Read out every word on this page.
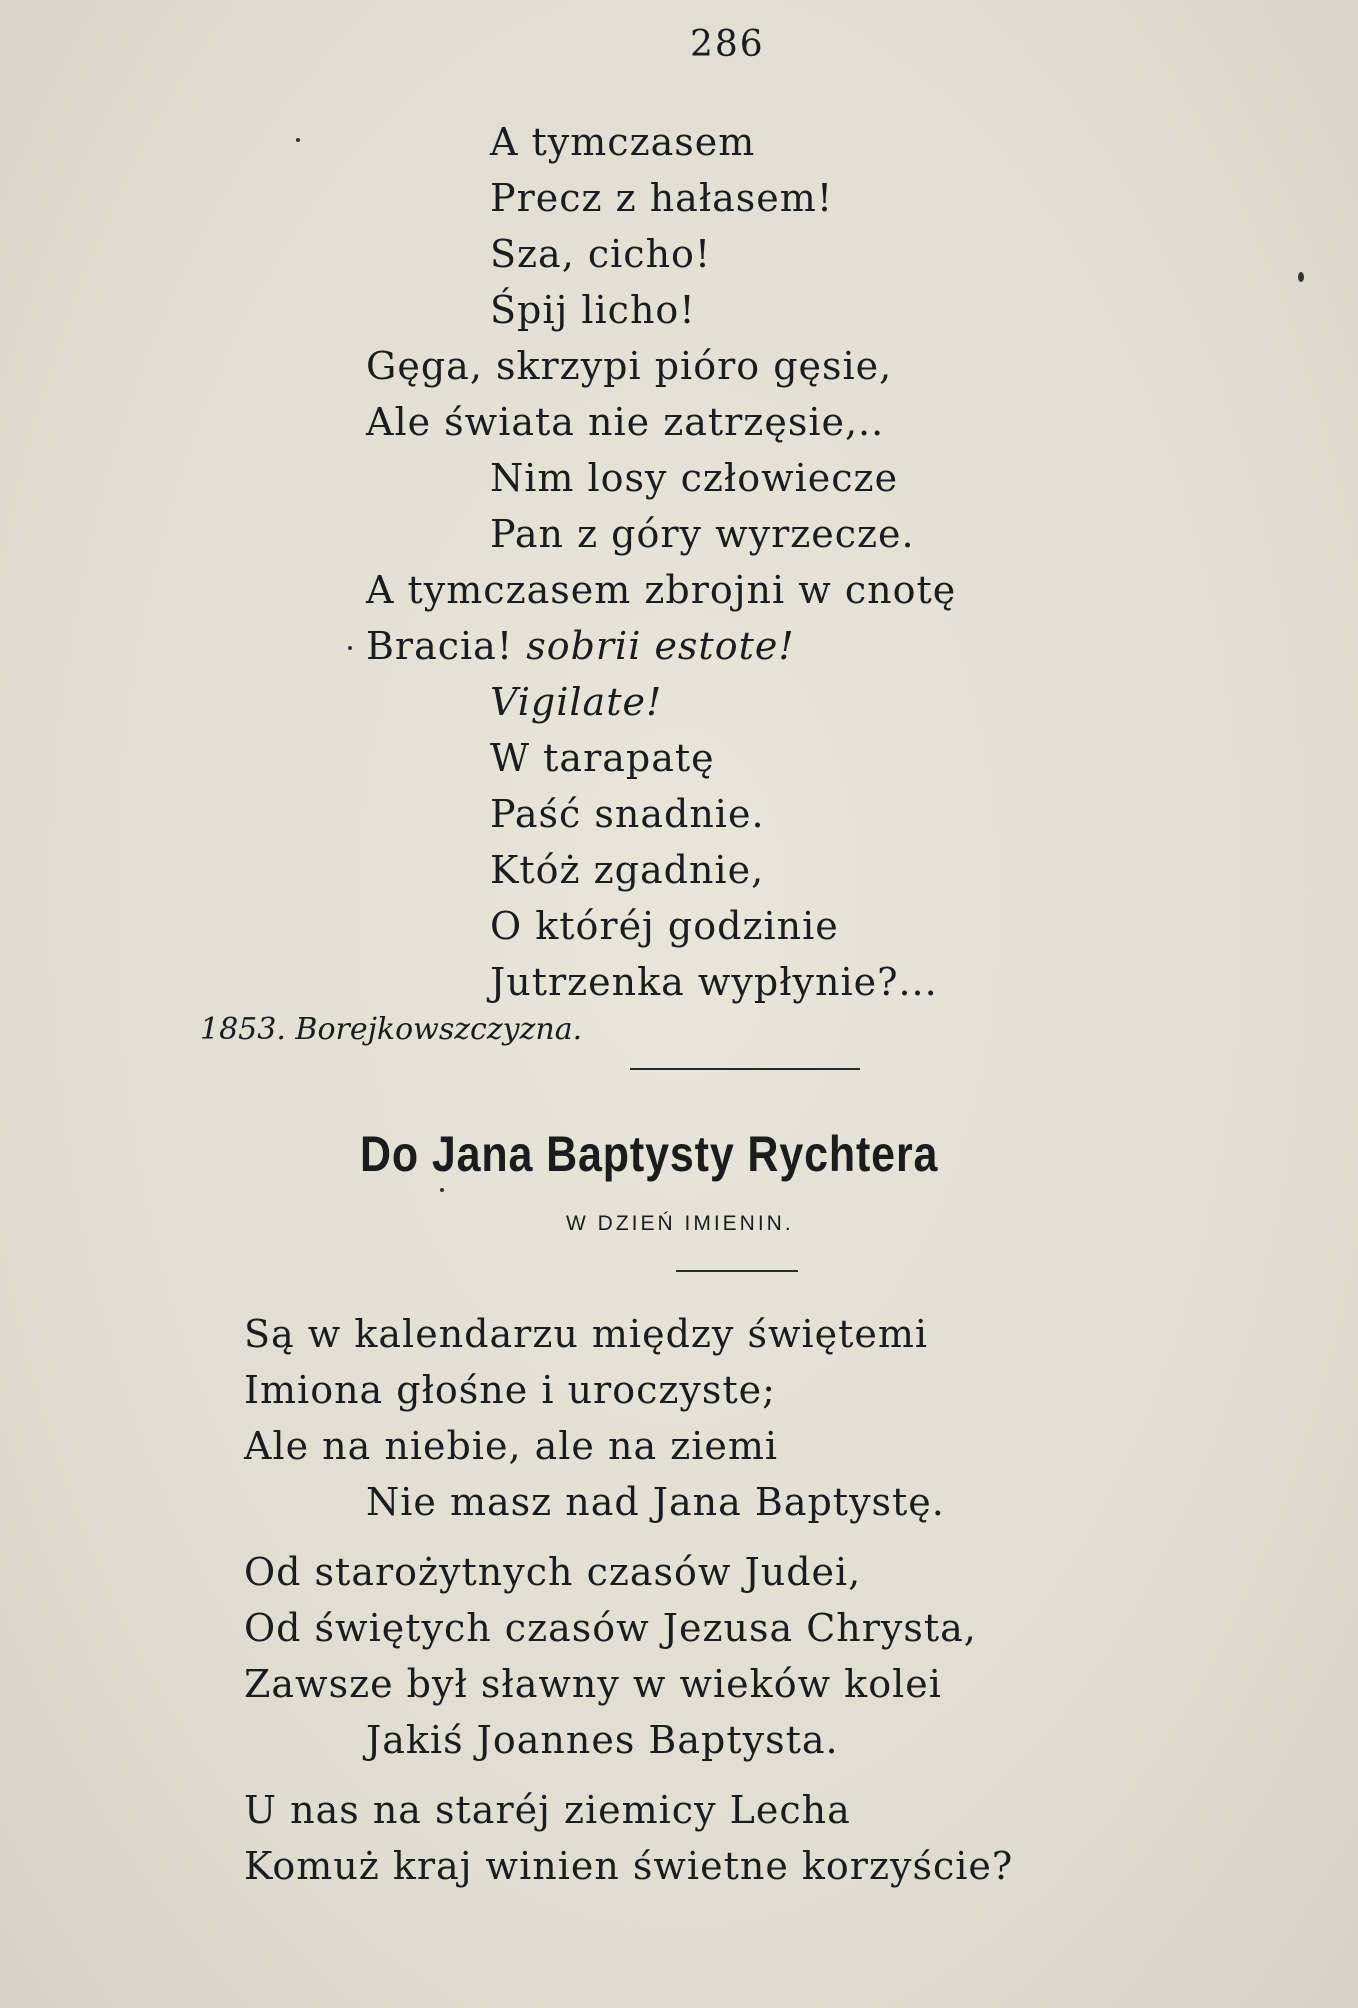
286
A tymczasem
Precz z hałasem!
Sza, cicho!
Śpij licho!
Gęga, skrzypi pióro gęsie,
Ale świata nie zatrzęsie,..
Nim losy człowiecze
Pan z góry wyrzecze.
A tymczasem zbrojni w cnotę
Bracia! sobrii estote!
Vigilate!
W tarapatę
Paść snadnie.
Któż zgadnie,
O któréj godzinie
Jutrzenka wypłynie?...
1853. Borejkowszczyzna.
Do Jana Baptysty Rychtera
W DZIEŃ IMIENIN.
Są w kalendarzu między świętemi
Imiona głośne i uroczyste;
Ale na niebie, ale na ziemi
Nie masz nad Jana Baptystę.
Od starożytnych czasów Judei,
Od świętych czasów Jezusa Chrysta,
Zawsze był sławny w wieków kolei
Jakiś Joannes Baptysta.
U nas na staréj ziemicy Lecha
Komuż kraj winien świetne korzyście?
